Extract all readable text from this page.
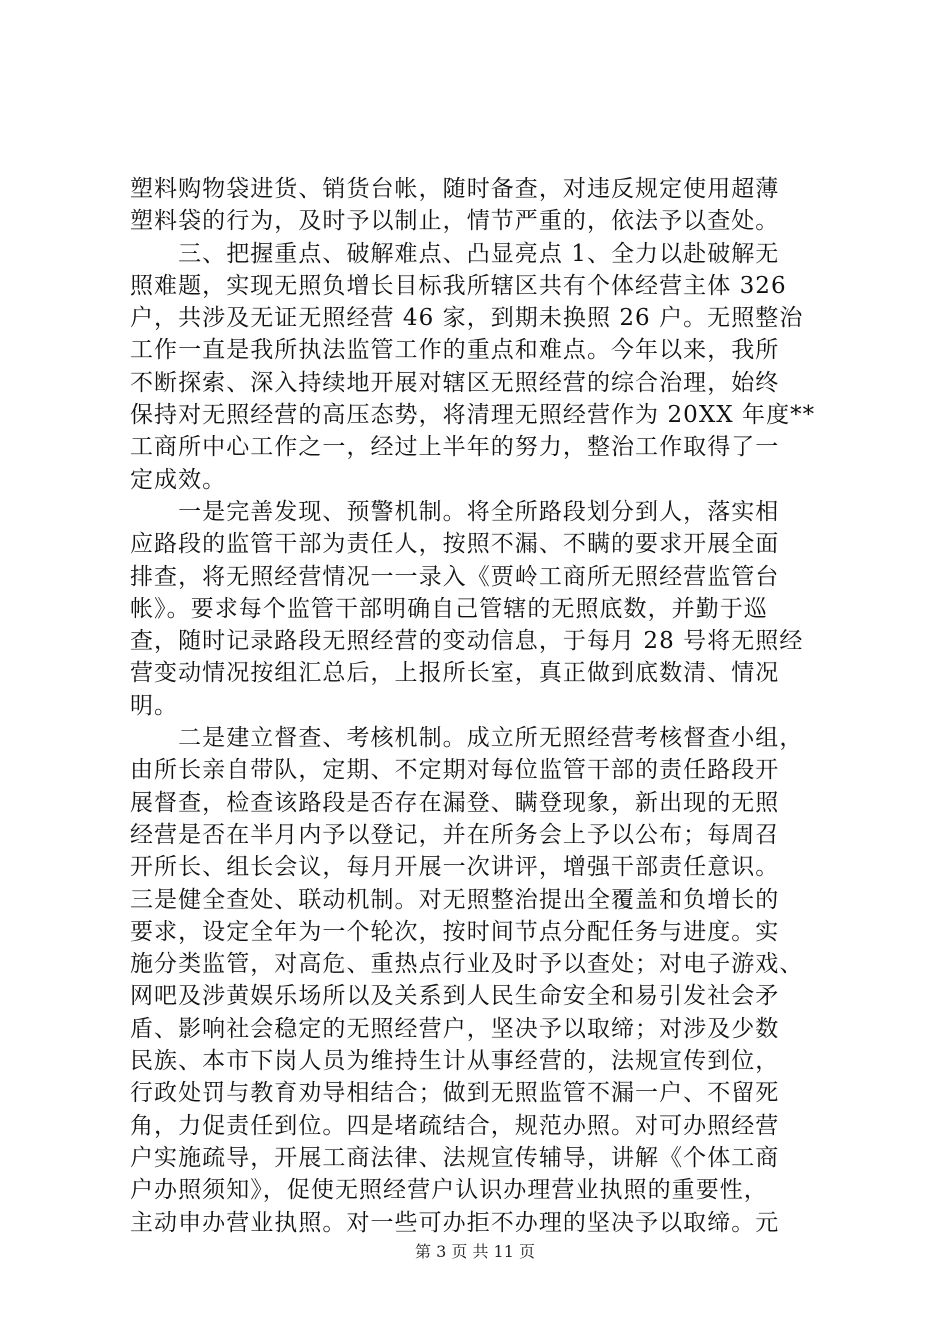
塑料购物袋进货、销货台帐，随时备查，对违反规定使用超薄
塑料袋的行为，及时予以制止，情节严重的，依法予以查处。
　　三、把握重点、破解难点、凸显亮点 1、全力以赴破解无
照难题，实现无照负增长目标我所辖区共有个体经营主体 326
户，共涉及无证无照经营 46 家，到期未换照 26 户。无照整治
工作一直是我所执法监管工作的重点和难点。今年以来，我所
不断探索、深入持续地开展对辖区无照经营的综合治理，始终
保持对无照经营的高压态势，将清理无照经营作为 20XX 年度**
工商所中心工作之一，经过上半年的努力，整治工作取得了一
定成效。
　　一是完善发现、预警机制。将全所路段划分到人，落实相
应路段的监管干部为责任人，按照不漏、不瞒的要求开展全面
排查，将无照经营情况一一录入《贾岭工商所无照经营监管台
帐》。要求每个监管干部明确自己管辖的无照底数，并勤于巡
查，随时记录路段无照经营的变动信息，于每月 28 号将无照经
营变动情况按组汇总后，上报所长室，真正做到底数清、情况
明。
　　二是建立督查、考核机制。成立所无照经营考核督查小组，
由所长亲自带队，定期、不定期对每位监管干部的责任路段开
展督查，检查该路段是否存在漏登、瞒登现象，新出现的无照
经营是否在半月内予以登记，并在所务会上予以公布；每周召
开所长、组长会议，每月开展一次讲评，增强干部责任意识。
三是健全查处、联动机制。对无照整治提出全覆盖和负增长的
要求，设定全年为一个轮次，按时间节点分配任务与进度。实
施分类监管，对高危、重热点行业及时予以查处；对电子游戏、
网吧及涉黄娱乐场所以及关系到人民生命安全和易引发社会矛
盾、影响社会稳定的无照经营户，坚决予以取缔；对涉及少数
民族、本市下岗人员为维持生计从事经营的，法规宣传到位，
行政处罚与教育劝导相结合；做到无照监管不漏一户、不留死
角，力促责任到位。四是堵疏结合，规范办照。对可办照经营
户实施疏导，开展工商法律、法规宣传辅导，讲解《个体工商
户办照须知》，促使无照经营户认识办理营业执照的重要性，
主动申办营业执照。对一些可办拒不办理的坚决予以取缔。元
第 3 页 共 11 页
